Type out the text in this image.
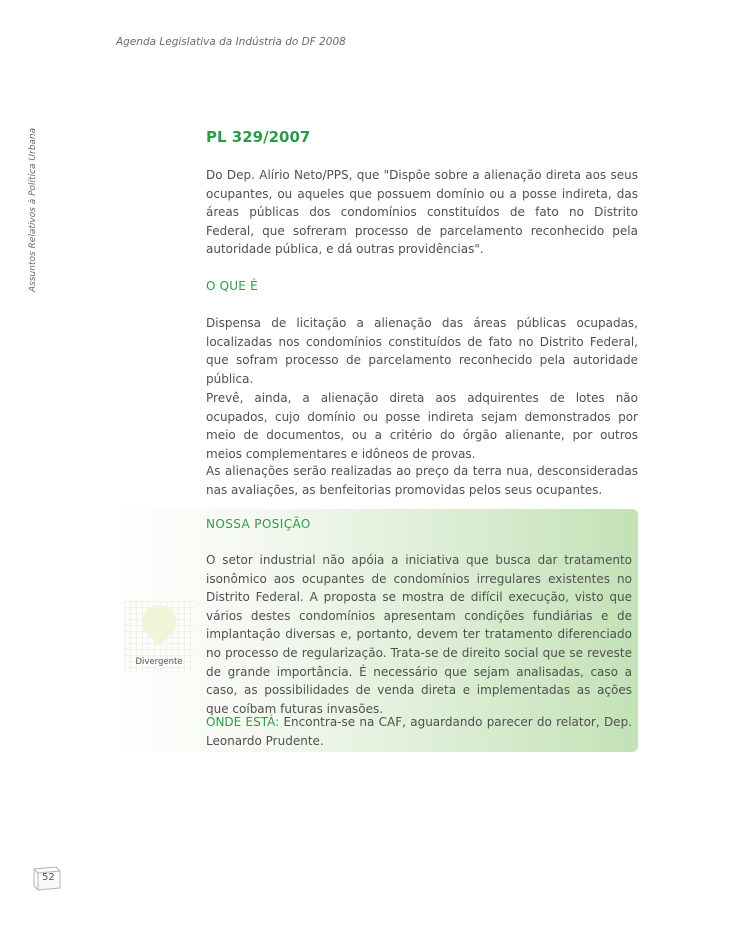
Agenda Legislativa da Indústria do DF 2008
Assuntos Relativos à Política Urbana	PL 329/2007
Do Dep. Alírio Neto/PPS, que "Dispõe sobre a alienação direta aos seus ocupantes, ou aqueles que possuem domínio ou a posse indireta, das áreas públicas dos condomínios constituídos de fato no Distrito Federal, que sofreram processo de parcelamento reconhecido pela autoridade pública, e dá outras providências".
O QUE É
Dispensa de licitação a alienação das áreas públicas ocupadas, localizadas nos condomínios constituídos de fato no Distrito Federal, que sofram processo de parcelamento reconhecido pela autoridade pública.
Prevê, ainda, a alienação direta aos adquirentes de lotes não ocupados, cujo domínio ou posse indireta sejam demonstrados por meio de documentos, ou a critério do órgão alienante, por outros meios complementares e idôneos de provas.
As alienações serão realizadas ao preço da terra nua, desconsideradas nas avaliações, as benfeitorias promovidas pelos seus ocupantes.
Divergente
NOSSA POSIÇÃO
O setor industrial não apóia a iniciativa que busca dar tratamento isonômico aos ocupantes de condomínios irregulares existentes no Distrito Federal. A proposta se mostra de difícil execução, visto que vários destes condomínios apresentam condições fundiárias e de implantação diversas e, portanto, devem ter tratamento diferenciado no processo de regularização. Trata-se de direito social que se reveste de grande importância. É necessário que sejam analisadas, caso a caso, as possibilidades de venda direta e implementadas as ações que coíbam futuras invasões.
ONDE ESTÁ: Encontra-se na CAF, aguardando parecer do relator, Dep. Leonardo Prudente.
52
